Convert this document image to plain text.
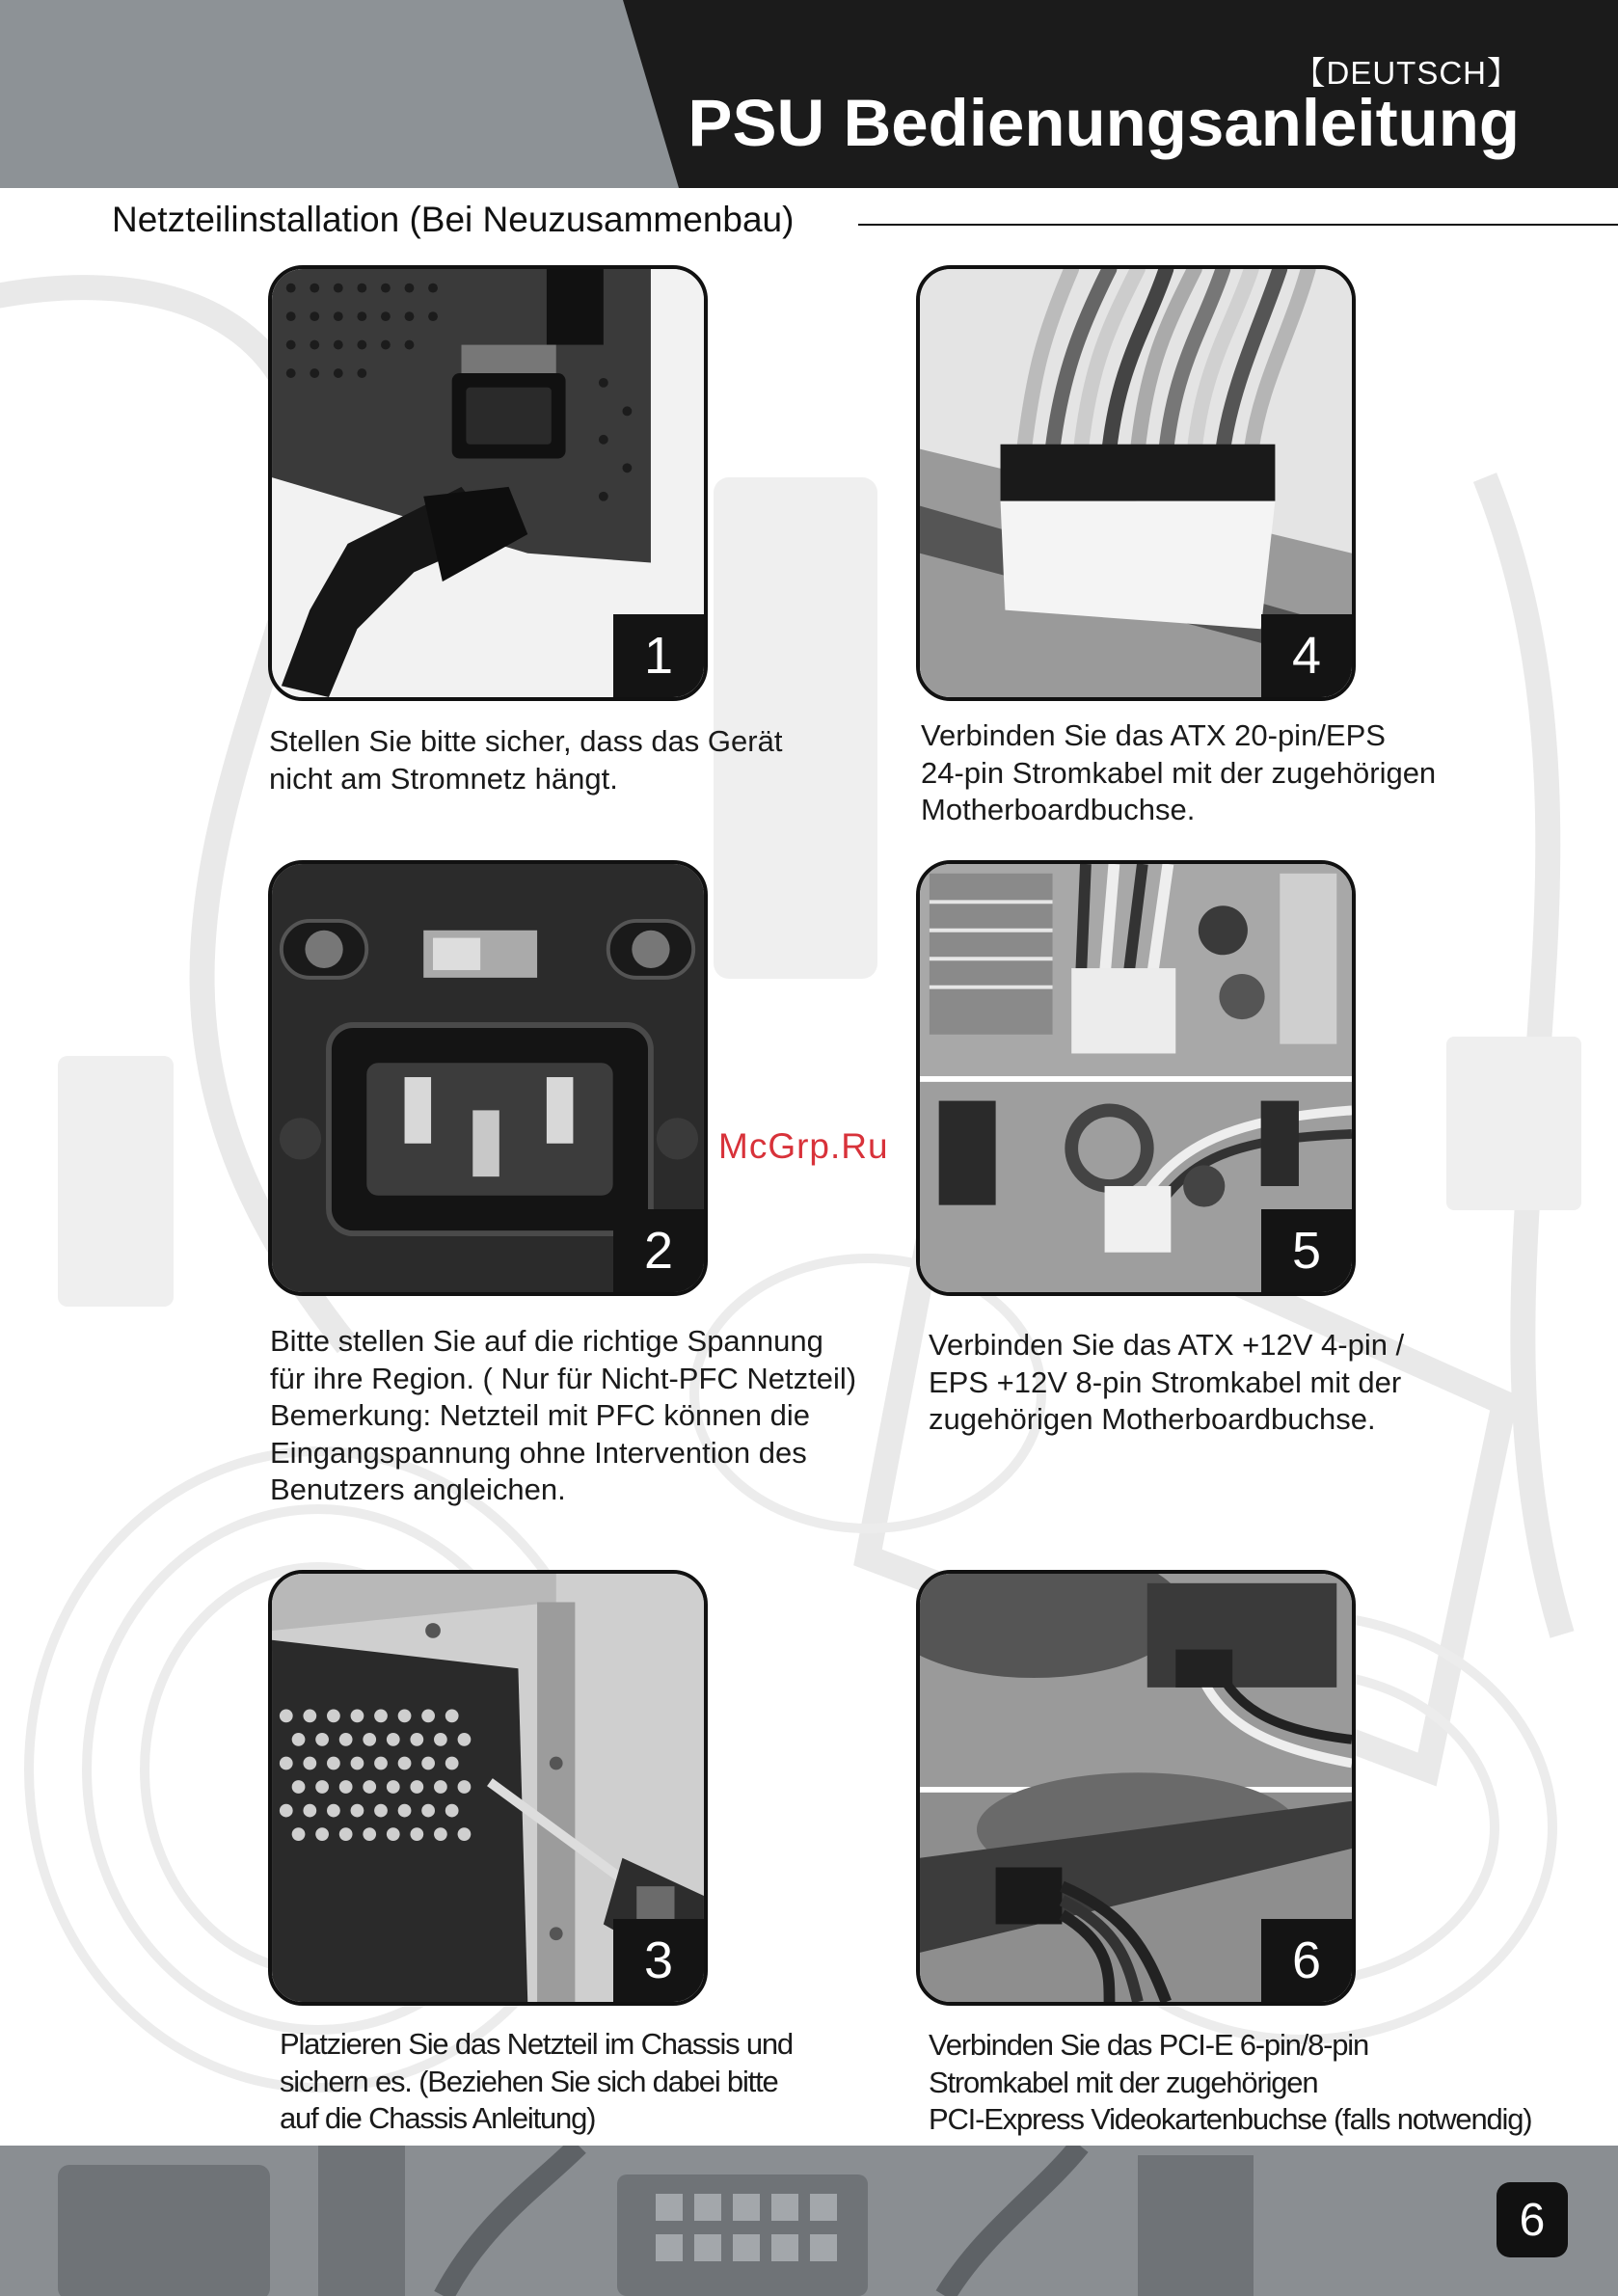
【DEUTSCH】
PSU Bedienungsanleitung
Netzteilinstallation (Bei Neuzusammenbau)
1
Stellen Sie bitte sicher, dass das Gerät
nicht am Stromnetz hängt.
4
Verbinden Sie das ATX 20-pin/EPS
24-pin Stromkabel mit der zugehörigen
Motherboardbuchse.
2
Bitte stellen Sie auf die richtige Spannung
für ihre Region. ( Nur für Nicht-PFC Netzteil)
Bemerkung: Netzteil mit PFC können die
Eingangspannung ohne Intervention des
Benutzers angleichen.
5
Verbinden Sie das ATX +12V 4-pin /
EPS +12V 8-pin Stromkabel mit der
zugehörigen Motherboardbuchse.
3
Platzieren Sie das Netzteil im Chassis und
sichern es. (Beziehen Sie sich dabei bitte
auf die Chassis Anleitung)
6
Verbinden Sie das PCI-E 6-pin/8-pin
Stromkabel mit der zugehörigen
PCI-Express Videokartenbuchse (falls notwendig)
McGrp.Ru
6
